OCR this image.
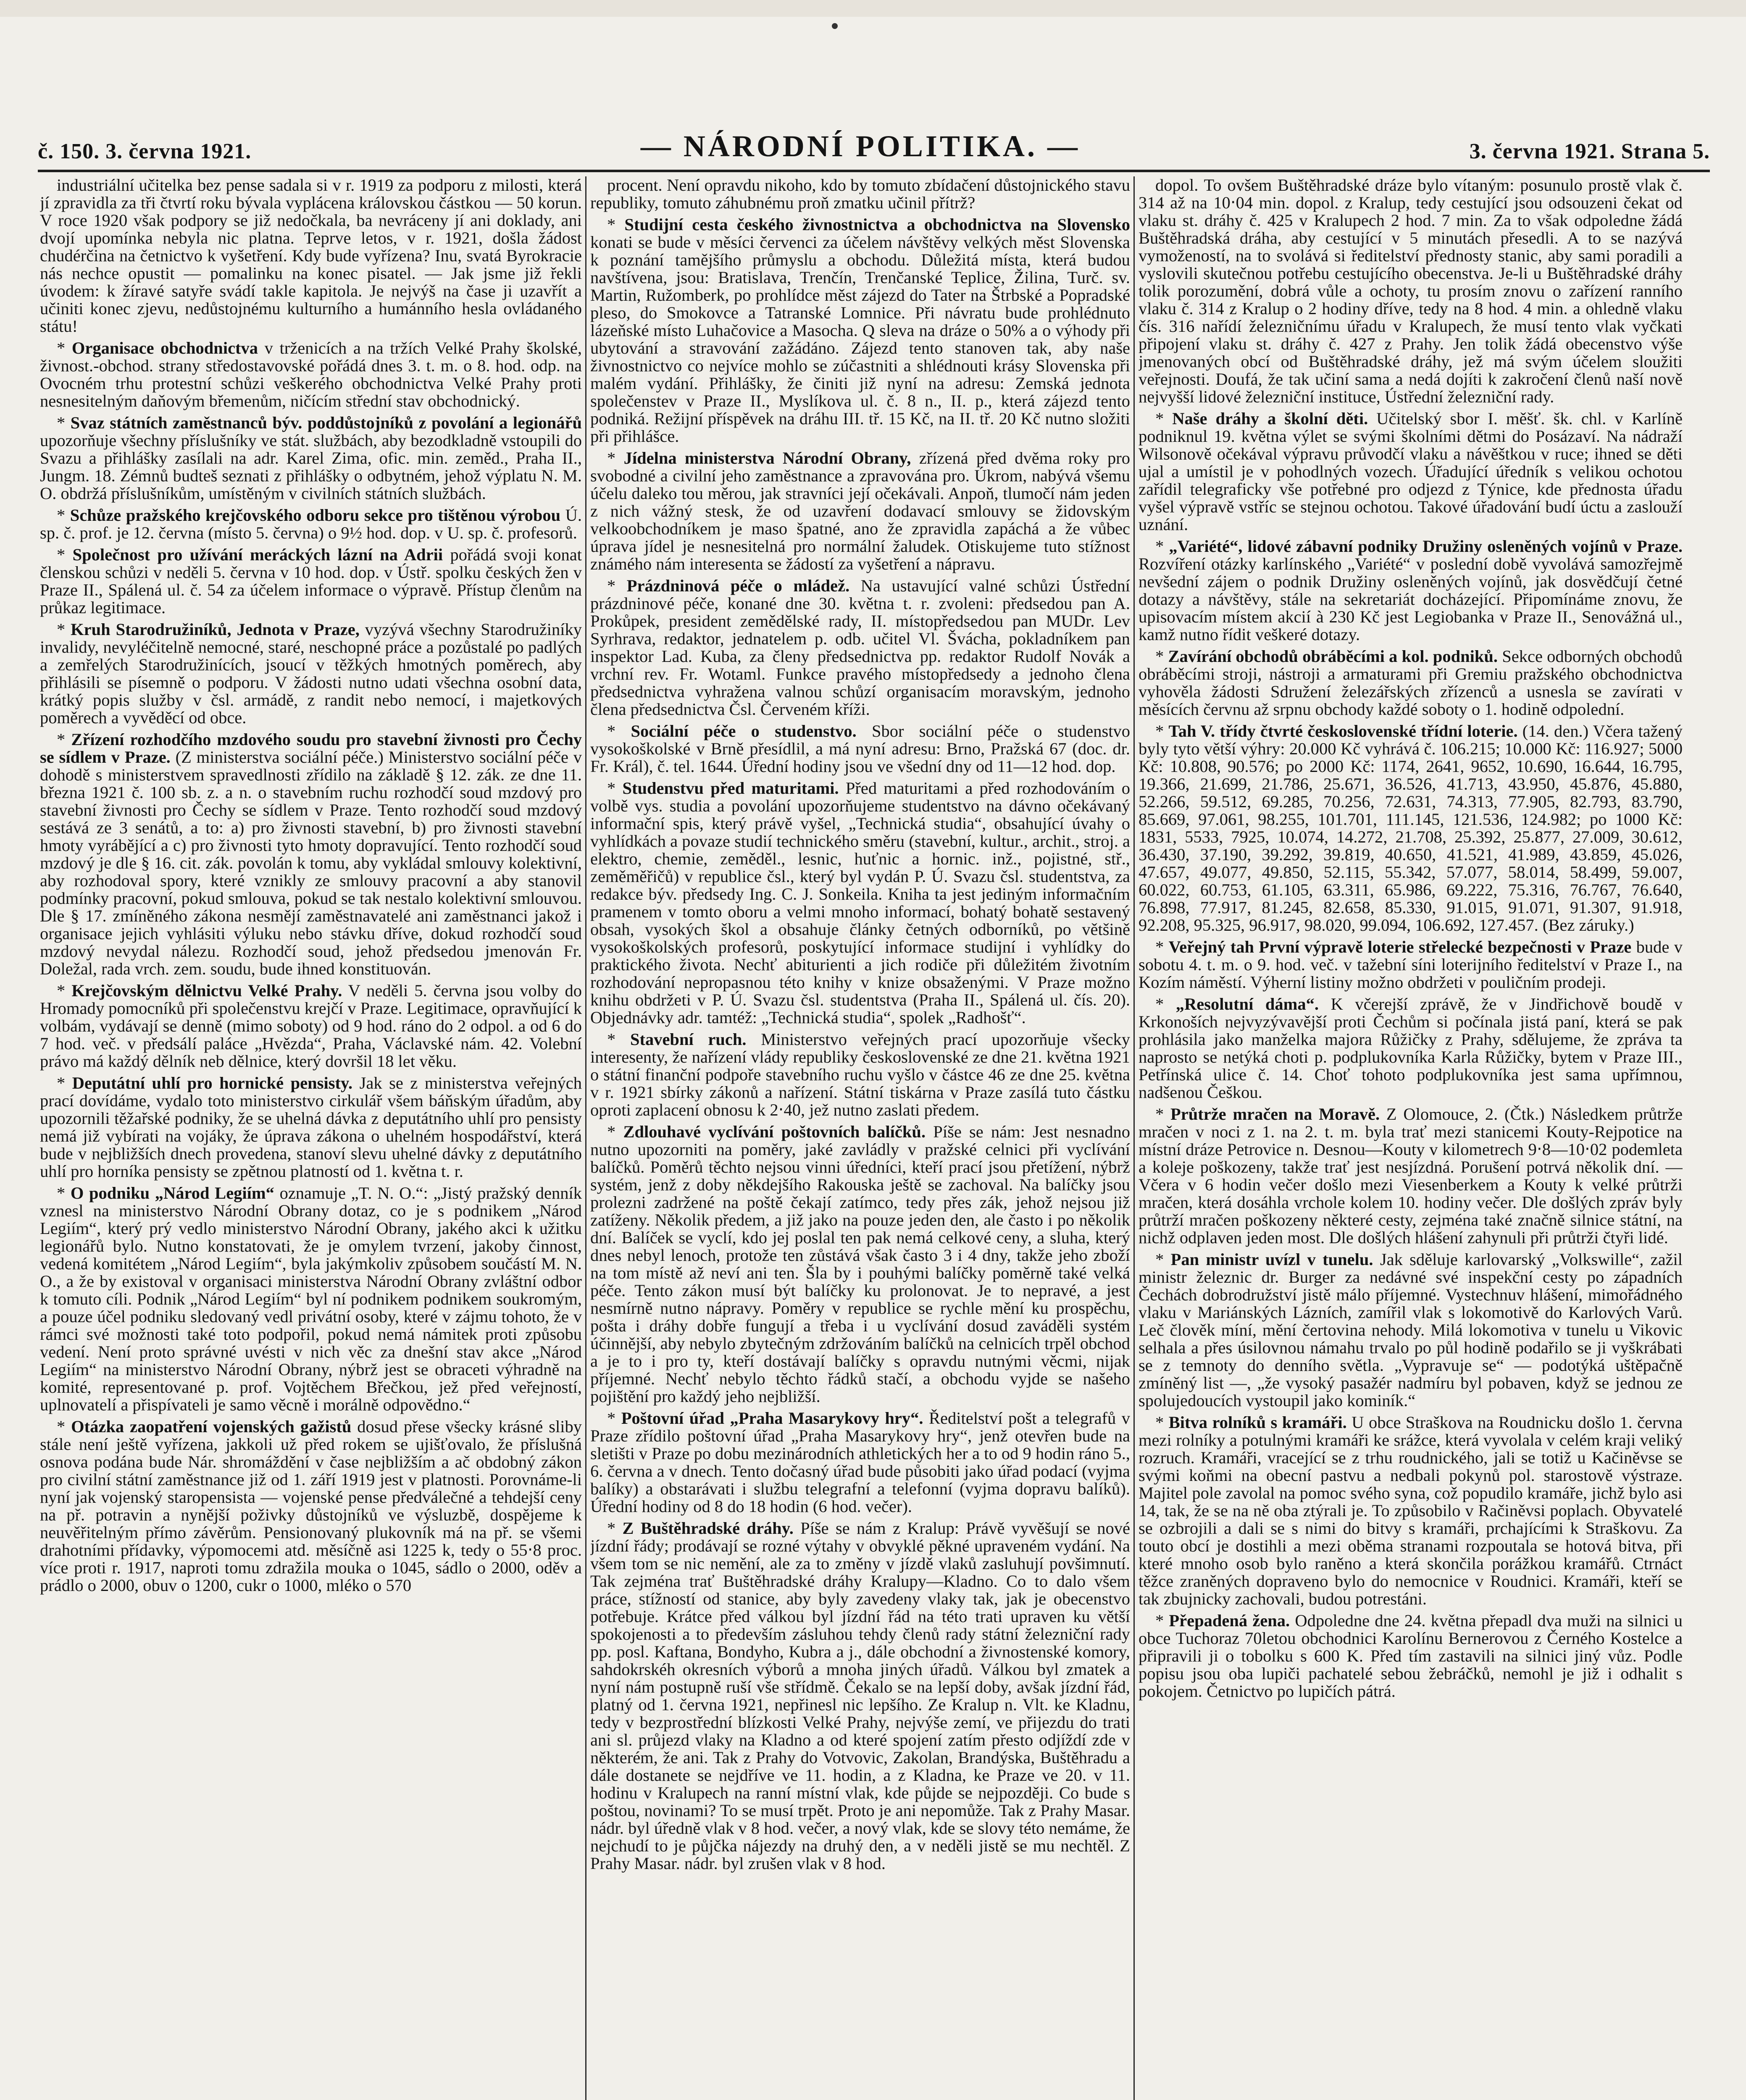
č. 150. 3. června 1921.	— NÁRODNÍ POLITIKA. —	3. června 1921. Strana 5.

industriální učitelka bez pense sadala si v r. 1919 za podporu z milosti, která jí zpravidla za tři čtvrtí roku bývala vyplácena královskou částkou — 50 korun. V roce 1920 však podpory se již nedočkala, ba nevráceny jí ani doklady, ani dvojí upomínka nebyla nic platna. Teprve letos, v r. 1921, došla žádost chudérčina na četnictvo k vyšetření. Kdy bude vyřízena? Inu, svatá Byrokracie nás nechce opustit — pomalinku na konec pisatel. — Jak jsme již řekli úvodem: k žíravé satyře svádí takle kapitola. Je nejvýš na čase ji uzavřít a učiniti konec zjevu, nedůstojnému kulturního a humánního hesla ovládaného státu!

* Organisace obchodnictva v trženicích a na tržích Velké Prahy školské, živnost.-obchod. strany středostavovské pořádá dnes 3. t. m. o 8. hod. odp. na Ovocném trhu protestní schůzi veškerého obchodnictva Velké Prahy proti nesnesitelným daňovým břemenům, ničícím střední stav obchodnický.

* Svaz státních zaměstnanců býv. poddůstojníků z povolání a legionářů upozorňuje všechny příslušníky ve stát. službách, aby bezodkladně vstoupili do Svazu a přihlášky zasílali na adr. Karel Zima, ofic. min. zeměd., Praha II., Jungm. 18. Zémnů budteš seznati z přihlášky o odbytném, jehož výplatu N. M. O. obdržá příslušníkům, umístěným v civilních státních službách.

* Schůze pražského krejčovského odboru sekce pro tištěnou výrobou Ú. sp. č. prof. je 12. června (místo 5. června) o 9½ hod. dop. v U. sp. č. profesorů.

* Společnost pro užívání meráckých lázní na Adrii pořádá svoji konat členskou schůzi v neděli 5. června v 10 hod. dop. v Ústř. spolku českých žen v Praze II., Spálená ul. č. 54 za účelem informace o výpravě. Přístup členům na průkaz legitimace.

* Kruh Starodružiníků, Jednota v Praze, vyzývá všechny Starodružiníky invalidy, nevyléčitelně nemocné, staré, neschopné práce a pozůstalé po padlých a zemřelých Starodružinících, jsoucí v těžkých hmotných poměrech, aby přihlásili se písemně o podporu. V žádosti nutno udati všechna osobní data, krátký popis služby v čsl. armádě, z randit nebo nemocí, i majetkových poměrech a vyvěděcí od obce.

* Zřízení rozhodčího mzdového soudu pro stavební živnosti pro Čechy se sídlem v Praze. (Z ministerstva sociální péče.) Ministerstvo sociální péče v dohodě s ministerstvem spravedlnosti zřídilo na základě § 12. zák. ze dne 11. března 1921 č. 100 sb. z. a n. o stavebním ruchu rozhodčí soud mzdový pro stavební živnosti pro Čechy se sídlem v Praze. Tento rozhodčí soud mzdový sestává ze 3 senátů, a to: a) pro živnosti stavební, b) pro živnosti stavební hmoty vyrábějící a c) pro živnosti tyto hmoty dopravující. Tento rozhodčí soud mzdový je dle § 16. cit. zák. povolán k tomu, aby vykládal smlouvy kolektivní, aby rozhodoval spory, které vznikly ze smlouvy pracovní a aby stanovil podmínky pracovní, pokud smlouva, pokud se tak nestalo kolektivní smlouvou. Dle § 17. zmíněného zákona nesmějí zaměstnavatelé ani zaměstnanci jakož i organisace jejich vyhlásiti výluku nebo stávku dříve, dokud rozhodčí soud mzdový nevydal nálezu. Rozhodčí soud, jehož předsedou jmenován Fr. Doležal, rada vrch. zem. soudu, bude ihned konstituován.

* Krejčovským dělnictvu Velké Prahy. V neděli 5. června jsou volby do Hromady pomocníků při společenstvu krejčí v Praze. Legitimace, opravňující k volbám, vydávají se denně (mimo soboty) od 9 hod. ráno do 2 odpol. a od 6 do 7 hod. več. v předsálí paláce „Hvězda“, Praha, Václavské nám. 42. Volební právo má každý dělník neb dělnice, který dovršil 18 let věku.

* Deputátní uhlí pro hornické pensisty. Jak se z ministerstva veřejných prací dovídáme, vydalo toto ministerstvo cirkulář všem báňským úřadům, aby upozornili těžařské podniky, že se uhelná dávka z deputátního uhlí pro pensisty nemá již vybírati na vojáky, že úprava zákona o uhelném hospodářství, která bude v nejbližších dnech provedena, stanoví slevu uhelné dávky z deputátního uhlí pro horníka pensisty se zpětnou platností od 1. května t. r.

* O podniku „Národ Legiím“ oznamuje „T. N. O.“: „Jistý pražský denník vznesl na ministerstvo Národní Obrany dotaz, co je s podnikem „Národ Legiím“, který prý vedlo ministerstvo Národní Obrany, jakého akci k užitku legionářů bylo. Nutno konstatovati, že je omylem tvrzení, jakoby činnost, vedená komitétem „Národ Legiím“, byla jakýmkoliv způsobem součástí M. N. O., a že by existoval v organisaci ministerstva Národní Obrany zvláštní odbor k tomuto cíli. Podnik „Národ Legiím“ byl ní podnikem podnikem soukromým, a pouze účel podniku sledovaný vedl privátní osoby, které v zájmu tohoto, že v rámci své možnosti také toto podpořil, pokud nemá námitek proti způsobu vedení. Není proto správné uvésti v nich věc za dnešní stav akce „Národ Legiím“ na ministerstvo Národní Obrany, nýbrž jest se obraceti výhradně na komité, representované p. prof. Vojtěchem Břečkou, jež před veřejností, uplnovatelí a přispívateli je samo věcně i morálně odpovědno.“

* Otázka zaopatření vojenských gažistů dosud přese všecky krásné sliby stále není ještě vyřízena, jakkoli už před rokem se ujišťovalo, že příslušná osnova podána bude Nár. shromáždění v čase nejbližším a ač obdobný zákon pro civilní státní zaměstnance již od 1. září 1919 jest v platnosti. Porovnáme-li nyní jak vojenský staropensista — vojenské pense předválečné a tehdejší ceny na př. potravin a nynější poživky důstojníků ve výsluzbě, dospějeme k neuvěřitelným přímo závěrům. Pensionovaný plukovník má na př. se všemi drahotními přídavky, výpomocemi atd. měsíčně asi 1225 k, tedy o 55‧8 proc. více proti r. 1917, naproti tomu zdražila mouka o 1045, sádlo o 2000, oděv a prádlo o 2000, obuv o 1200, cukr o 1000, mléko o 570

procent. Není opravdu nikoho, kdo by tomuto zbídačení důstojnického stavu republiky, tomuto záhubnému proň zmatku učinil přítrž?

* Studijní cesta českého živnostnictva a obchodnictva na Slovensko konati se bude v měsíci červenci za účelem návštěvy velkých měst Slovenska k poznání tamějšího průmyslu a obchodu. Důležitá místa, která budou navštívena, jsou: Bratislava, Trenčín, Trenčanské Teplice, Žilina, Turč. sv. Martin, Ružomberk, po prohlídce měst zájezd do Tater na Štrbské a Popradské pleso, do Smokovce a Tatranské Lomnice. Při návratu bude prohlédnuto lázeňské místo Luhačovice a Masocha. Q sleva na dráze o 50% a o výhody při ubytování a stravování zažádáno. Zájezd tento stanoven tak, aby naše živnostnictvo co nejvíce mohlo se zúčastniti a shlédnouti krásy Slovenska při malém vydání. Přihlášky, že činiti již nyní na adresu: Zemská jednota společenstev v Praze II., Myslíkova ul. č. 8 n., II. p., která zájezd tento podniká. Režijní příspěvek na dráhu III. tř. 15 Kč, na II. tř. 20 Kč nutno složiti při přihlášce.

* Jídelna ministerstva Národní Obrany, zřízená před dvěma roky pro svobodné a civilní jeho zaměstnance a zpravována pro. Úkrom, nabývá všemu účelu daleko tou měrou, jak stravníci její očekávali. Anpoň, tlumočí nám jeden z nich vážný stesk, že od uzavření dodavací smlouvy se židovským velkoobchodníkem je maso špatné, ano že zpravidla zapáchá a že vůbec úprava jídel je nesnesitelná pro normální žaludek. Otiskujeme tuto stížnost známého nám interesenta se žádostí za vyšetření a nápravu.

* Prázdninová péče o mládež. Na ustavující valné schůzi Ústřední prázdninové péče, konané dne 30. května t. r. zvoleni: předsedou pan A. Prokůpek, president zemědělské rady, II. místopředsedou pan MUDr. Lev Syrhrava, redaktor, jednatelem p. odb. učitel Vl. Švácha, pokladníkem pan inspektor Lad. Kuba, za členy předsednictva pp. redaktor Rudolf Novák a vrchní rev. Fr. Wotaml. Funkce pravého místopředsedy a jednoho člena předsednictva vyhražena valnou schůzí organisacím moravským, jednoho člena předsednictva Čsl. Červeném kříži.

* Sociální péče o studenstvo. Sbor sociální péče o studenstvo vysokoškolské v Brně přesídlil, a má nyní adresu: Brno, Pražská 67 (doc. dr. Fr. Král), č. tel. 1644. Úřední hodiny jsou ve všední dny od 11—12 hod. dop.

* Studenstvu před maturitami. Před maturitami a před rozhodováním o volbě vys. studia a povolání upozorňujeme studentstvo na dávno očekávaný informační spis, který právě vyšel, „Technická studia“, obsahující úvahy o vyhlídkách a povaze studií technického směru (stavební, kultur., archit., stroj. a elektro, chemie, zeměděl., lesnic, huťnic a hornic. inž., pojistné, stř., zeměměřičů) v republice čsl., který byl vydán P. Ú. Svazu čsl. studentstva, za redakce býv. předsedy Ing. C. J. Sonkeila. Kniha ta jest jediným informačním pramenem v tomto oboru a velmi mnoho informací, bohatý bohatě sestavený obsah, vysokých škol a obsahuje články četných odborníků, po většině vysokoškolských profesorů, poskytující informace studijní i vyhlídky do praktického života. Nechť abiturienti a jich rodiče při důležitém životním rozhodování nepropasnou této knihy v knize obsaženými. V Praze možno knihu obdržeti v P. Ú. Svazu čsl. studentstva (Praha II., Spálená ul. čís. 20). Objednávky adr. tamtéž: „Technická studia“, spolek „Radhošť“.

* Stavební ruch. Ministerstvo veřejných prací upozorňuje všecky interesenty, že nařízení vlády republiky československé ze dne 21. května 1921 o státní finanční podpoře stavebního ruchu vyšlo v částce 46 ze dne 25. května v r. 1921 sbírky zákonů a nařízení. Státní tiskárna v Praze zasílá tuto částku oproti zaplacení obnosu k 2‧40, jež nutno zaslati předem.

* Zdlouhavé vyclívání poštovních balíčků. Píše se nám: Jest nesnadno nutno upozorniti na poměry, jaké zavládly v pražské celnici při vyclívání balíčků. Poměrů těchto nejsou vinni úředníci, kteří prací jsou přetížení, nýbrž systém, jenž z doby někdejšího Rakouska ještě se zachoval. Na balíčky jsou prolezni zadržené na poště čekají zatímco, tedy přes zák, jehož nejsou již zatíženy. Několik předem, a již jako na pouze jeden den, ale často i po několik dní. Balíček se vyclí, kdo jej poslal ten pak nemá celkové ceny, a sluha, který dnes nebyl lenoch, protože ten zůstává však často 3 i 4 dny, takže jeho zboží na tom místě až neví ani ten. Šla by i pouhými balíčky poměrně také velká péče. Tento zákon musí být balíčky ku prolonovat. Je to nepravé, a jest nesmírně nutno nápravy. Poměry v republice se rychle mění ku prospěchu, pošta i dráhy dobře fungují a třeba i u vyclívání dosud zaváděli systém účinnější, aby nebylo zbytečným zdržováním balíčků na celnicích trpěl obchod a je to i pro ty, kteří dostávají balíčky s opravdu nutnými věcmi, nijak příjemné. Nechť nebylo těchto řádků stačí, a obchodu vyjde se našeho pojištění pro každý jeho nejbližší.

* Poštovní úřad „Praha Masarykovy hry“. Ředitelství pošt a telegrafů v Praze zřídilo poštovní úřad „Praha Masarykovy hry“, jenž otevřen bude na sletišti v Praze po dobu mezinárodních athletických her a to od 9 hodin ráno 5., 6. června a v dnech. Tento dočasný úřad bude působiti jako úřad podací (vyjma balíky) a obstarávati i službu telegrafní a telefonní (vyjma dopravu balíků). Úřední hodiny od 8 do 18 hodin (6 hod. večer).

* Z Buštěhradské dráhy. Píše se nám z Kralup: Právě vyvěšují se nové jízdní řády; prodávají se rozné výtahy v obvyklé pěkné upraveném vydání. Na všem tom se nic nemění, ale za to změny v jízdě vlaků zasluhují povšimnutí. Tak zejména trať Buštěhradské dráhy Kralupy—Kladno. Co to dalo všem práce, stížností od stanice, aby byly zavedeny vlaky tak, jak je obecenstvo potřebuje. Krátce před válkou byl jízdní řád na této trati upraven ku větší spokojenosti a to především zásluhou tehdy členů rady státní železniční rady pp. posl. Kaftana, Bondyho, Kubra a j., dále obchodní a živnostenské komory, sahdokrskéh okresních výborů a mnoha jiných úřadů. Válkou byl zmatek a nyní nám postupně ruší vše střídmě. Čekalo se na lepší doby, avšak jízdní řád, platný od 1. června 1921, nepřinesl nic lepšího. Ze Kralup n. Vlt. ke Kladnu, tedy v bezprostřední blízkosti Velké Prahy, nejvýše zemí, ve přijezdu do trati ani sl. průjezd vlaky na Kladno a od které spojení zatím přesto odjíždí zde v některém, že ani. Tak z Prahy do Votvovic, Zakolan, Brandýska, Buštěhradu a dále dostanete se nejdříve ve 11. hodin, a z Kladna, ke Praze ve 20. v 11. hodinu v Kralupech na ranní místní vlak, kde půjde se nejpozději. Co bude s poštou, novinami? To se musí trpět. Proto je ani nepomůže. Tak z Prahy Masar. nádr. byl úředně vlak v 8 hod. večer, a nový vlak, kde se slovy této nemáme, že nejchudí to je půjčka nájezdy na druhý den, a v neděli jistě se mu nechtěl. Z Prahy Masar. nádr. byl zrušen vlak v 8 hod.

dopol. To ovšem Buštěhradské dráze bylo vítaným: posunulo prostě vlak č. 314 až na 10‧04 min. dopol. z Kralup, tedy cestující jsou odsouzeni čekat od vlaku st. dráhy č. 425 v Kralupech 2 hod. 7 min. Za to však odpoledne žádá Buštěhradská dráha, aby cestující v 5 minutách přesedli. A to se nazývá vymožeností, na to svolává si ředitelství přednosty stanic, aby sami poradili a vyslovili skutečnou potřebu cestujícího obecenstva. Je-li u Buštěhradské dráhy tolik porozumění, dobrá vůle a ochoty, tu prosím znovu o zařízení ranního vlaku č. 314 z Kralup o 2 hodiny dříve, tedy na 8 hod. 4 min. a ohledně vlaku čís. 316 nařídí železničnímu úřadu v Kralupech, že musí tento vlak vyčkati připojení vlaku st. dráhy č. 427 z Prahy. Jen tolik žádá obecenstvo výše jmenovaných obcí od Buštěhradské dráhy, jež má svým účelem sloužiti veřejnosti. Doufá, že tak učiní sama a nedá dojíti k zakročení členů naší nově nejvyšší lidové železniční instituce, Ústřední železniční rady.

* Naše dráhy a školní děti. Učitelský sbor I. měšť. šk. chl. v Karlíně podniknul 19. května výlet se svými školními dětmi do Posázaví. Na nádraží Wilsonově očekával výpravu průvodčí vlaku a návěštkou v ruce; ihned se děti ujal a umístil je v pohodlných vozech. Úřadující úředník s velikou ochotou zařídil telegraficky vše potřebné pro odjezd z Týnice, kde přednosta úřadu vyšel výpravě vstříc se stejnou ochotou. Takové úřadování budí úctu a zaslouží uznání.

* „Variété“, lidové zábavní podniky Družiny osleněných vojínů v Praze. Rozvíření otázky karlínského „Variété“ v poslední době vyvolává samozřejmě nevšední zájem o podnik Družiny osleněných vojínů, jak dosvědčují četné dotazy a návštěvy, stále na sekretariát docházející. Připomínáme znovu, že upisovacím místem akcií à 230 Kč jest Legiobanka v Praze II., Senovážná ul., kamž nutno řídit veškeré dotazy.

* Zavírání obchodů obráběcími a kol. podniků. Sekce odborných obchodů obráběcími stroji, nástroji a armaturami při Gremiu pražského obchodnictva vyhověla žádosti Sdružení železářských zřízenců a usnesla se zavírati v měsících červnu až srpnu obchody každé soboty o 1. hodině odpolední.

* Tah V. třídy čtvrté československé třídní loterie. (14. den.) Včera tažený byly tyto větší výhry: 20.000 Kč vyhrává č. 106.215; 10.000 Kč: 116.927; 5000 Kč: 10.808, 90.576; po 2000 Kč: 1174, 2641, 9652, 10.690, 16.644, 16.795, 19.366, 21.699, 21.786, 25.671, 36.526, 41.713, 43.950, 45.876, 45.880, 52.266, 59.512, 69.285, 70.256, 72.631, 74.313, 77.905, 82.793, 83.790, 85.669, 97.061, 98.255, 101.701, 111.145, 121.536, 124.982; po 1000 Kč: 1831, 5533, 7925, 10.074, 14.272, 21.708, 25.392, 25.877, 27.009, 30.612, 36.430, 37.190, 39.292, 39.819, 40.650, 41.521, 41.989, 43.859, 45.026, 47.657, 49.077, 49.850, 52.115, 55.342, 57.077, 58.014, 58.499, 59.007, 60.022, 60.753, 61.105, 63.311, 65.986, 69.222, 75.316, 76.767, 76.640, 76.898, 77.917, 81.245, 82.658, 85.330, 91.015, 91.071, 91.307, 91.918, 92.208, 95.325, 96.917, 98.020, 99.094, 106.692, 127.457. (Bez záruky.)

* Veřejný tah První výpravě loterie střelecké bezpečnosti v Praze bude v sobotu 4. t. m. o 9. hod. več. v tažební síni loterijního ředitelství v Praze I., na Kozím náměstí. Výherní listiny možno obdržeti v pouličním prodeji.

* „Resolutní dáma“. K včerejší zprávě, že v Jindřichově boudě v Krkonoších nejvyzývavější proti Čechům si počínala jistá paní, která se pak prohlásila jako manželka majora Růžičky z Prahy, sdělujeme, že zpráva ta naprosto se netýká choti p. podplukovníka Karla Růžičky, bytem v Praze III., Petřínská ulice č. 14. Choť tohoto podplukovníka jest sama upřímnou, nadšenou Češkou.

* Průtrže mračen na Moravě. Z Olomouce, 2. (Čtk.) Následkem průtrže mračen v noci z 1. na 2. t. m. byla trať mezi stanicemi Kouty-Rejpotice na místní dráze Petrovice n. Desnou—Kouty v kilometrech 9‧8—10‧02 podemleta a koleje poškozeny, takže trať jest nesjízdná. Porušení potrvá několik dní. — Včera v 6 hodin večer došlo mezi Viesenberkem a Kouty k velké průtrži mračen, která dosáhla vrchole kolem 10. hodiny večer. Dle došlých zpráv byly průtrží mračen poškozeny některé cesty, zejména také značně silnice státní, na nichž odplaven jeden most. Dle došlých hlášení zahynuli při průtrži čtyři lidé.

* Pan ministr uvízl v tunelu. Jak sděluje karlovarský „Volkswille“, zažil ministr železnic dr. Burger za nedávné své inspekční cesty po západních Čechách dobrodružství jistě málo příjemné. Vystechnuv hlášení, mimořádného vlaku v Mariánských Lázních, zamířil vlak s lokomotivě do Karlových Varů. Leč člověk míní, mění čertovina nehody. Milá lokomotiva v tunelu u Vikovic selhala a přes úsilovnou námahu trvalo po půl hodině podařilo se ji vyškrábati se z temnoty do denního světla. „Vypravuje se“ — podotýká uštěpačně zmíněný list —, „že vysoký pasažér nadmíru byl pobaven, když se jednou ze spolujedoucích vystoupil jako kominík.“

* Bitva rolníků s kramáři. U obce Straškova na Roudnicku došlo 1. června mezi rolníky a potulnými kramáři ke srážce, která vyvolala v celém kraji veliký rozruch. Kramáři, vracející se z trhu roudnického, jali se totiž u Kačiněvse se svými koňmi na obecní pastvu a nedbali pokynů pol. starostově výstraze. Majitel pole zavolal na pomoc svého syna, což popudilo kramáře, jichž bylo asi 14, tak, že se na ně oba ztýrali je. To způsobilo v Račiněvsi poplach. Obyvatelé se ozbrojili a dali se s nimi do bitvy s kramáři, prchajícími k Straškovu. Za touto obcí je dostihli a mezi oběma stranami rozpoutala se hotová bitva, při které mnoho osob bylo raněno a která skončila porážkou kramářů. Ctrnáct těžce zraněných dopraveno bylo do nemocnice v Roudnici. Kramáři, kteří se tak zbujnicky zachovali, budou potrestáni.

* Přepadená žena. Odpoledne dne 24. května přepadl dva muži na silnici u obce Tuchoraz 70letou obchodnici Karolínu Bernerovou z Černého Kostelce a připravili ji o tobolku s 600 K. Před tím zastavili na silnici jiný vůz. Podle popisu jsou oba lupiči pachatelé sebou žebráčků, nemohl je již i odhalit s pokojem. Četnictvo po lupičích pátrá.
